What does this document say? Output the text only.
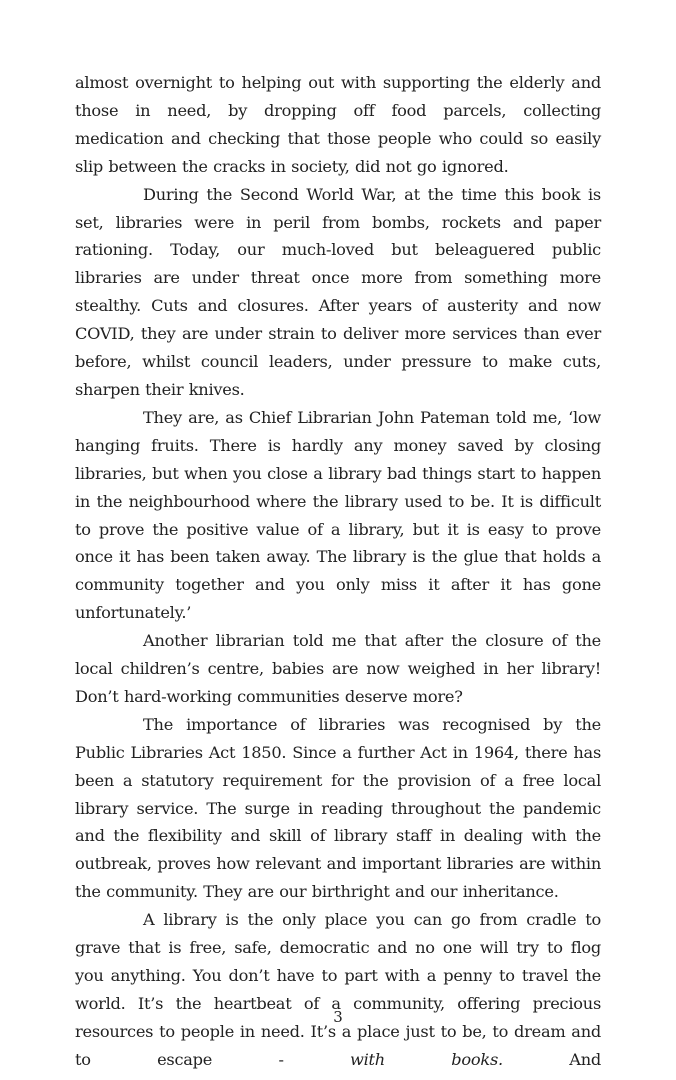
almost overnight to helping out with supporting the elderly and those in need, by dropping off food parcels, collecting medication and checking that those people who could so easily slip between the cracks in society, did not go ignored.

During the Second World War, at the time this book is set, libraries were in peril from bombs, rockets and paper rationing. Today, our much-loved but beleaguered public libraries are under threat once more from something more stealthy. Cuts and closures. After years of austerity and now COVID, they are under strain to deliver more services than ever before, whilst council leaders, under pressure to make cuts, sharpen their knives.

They are, as Chief Librarian John Pateman told me, ‘low hanging fruits. There is hardly any money saved by closing libraries, but when you close a library bad things start to happen in the neighbourhood where the library used to be. It is difficult to prove the positive value of a library, but it is easy to prove once it has been taken away. The library is the glue that holds a community together and you only miss it after it has gone unfortunately.’

Another librarian told me that after the closure of the local children’s centre, babies are now weighed in her library! Don’t hard-working communities deserve more?

The importance of libraries was recognised by the Public Libraries Act 1850. Since a further Act in 1964, there has been a statutory requirement for the provision of a free local library service. The surge in reading throughout the pandemic and the flexibility and skill of library staff in dealing with the outbreak, proves how relevant and important libraries are within the community. They are our birthright and our inheritance.

A library is the only place you can go from cradle to grave that is free, safe, democratic and no one will try to flog you anything. You don’t have to part with a penny to travel the world. It’s the heartbeat of a community, offering precious resources to people in need. It’s a place just to be, to dream and to escape - with books. And

3
